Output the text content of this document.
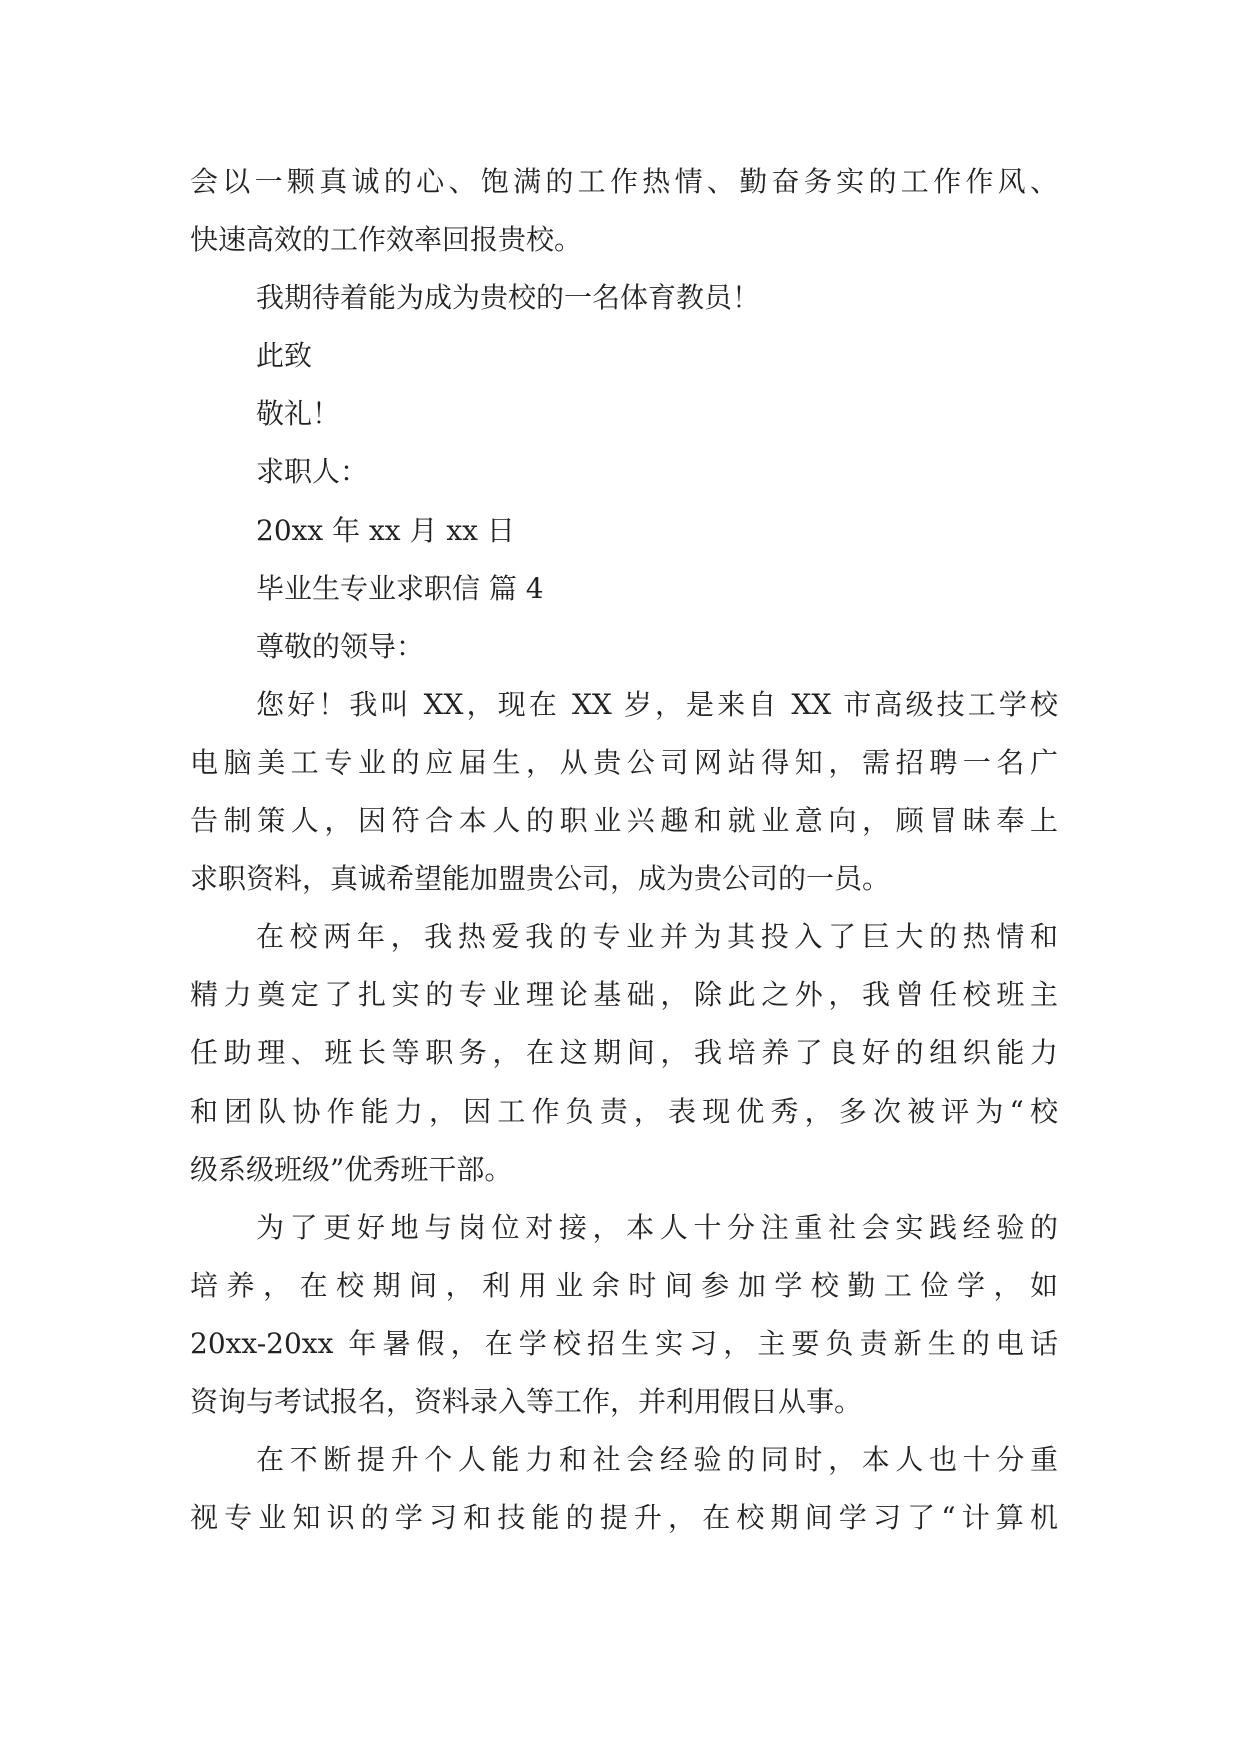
会以一颗真诚的心、饱满的工作热情、勤奋务实的工作作风、
快速高效的工作效率回报贵校。
我期待着能为成为贵校的一名体育教员！
此致
敬礼！
求职人：
20xx 年 xx 月 xx 日
毕业生专业求职信 篇 4
尊敬的领导：
您好！我叫 XX，现在 XX 岁，是来自 XX 市高级技工学校
电脑美工专业的应届生，从贵公司网站得知，需招聘一名广
告制策人，因符合本人的职业兴趣和就业意向，顾冒昧奉上
求职资料，真诚希望能加盟贵公司，成为贵公司的一员。
在校两年，我热爱我的专业并为其投入了巨大的热情和
精力奠定了扎实的专业理论基础，除此之外，我曾任校班主
任助理、班长等职务，在这期间，我培养了良好的组织能力
和团队协作能力，因工作负责，表现优秀，多次被评为“校
级系级班级”优秀班干部。
为了更好地与岗位对接，本人十分注重社会实践经验的
培养，在校期间，利用业余时间参加学校勤工俭学，如
20xx-20xx 年暑假，在学校招生实习，主要负责新生的电话
资询与考试报名，资料录入等工作，并利用假日从事。
在不断提升个人能力和社会经验的同时，本人也十分重
视专业知识的学习和技能的提升，在校期间学习了“计算机
